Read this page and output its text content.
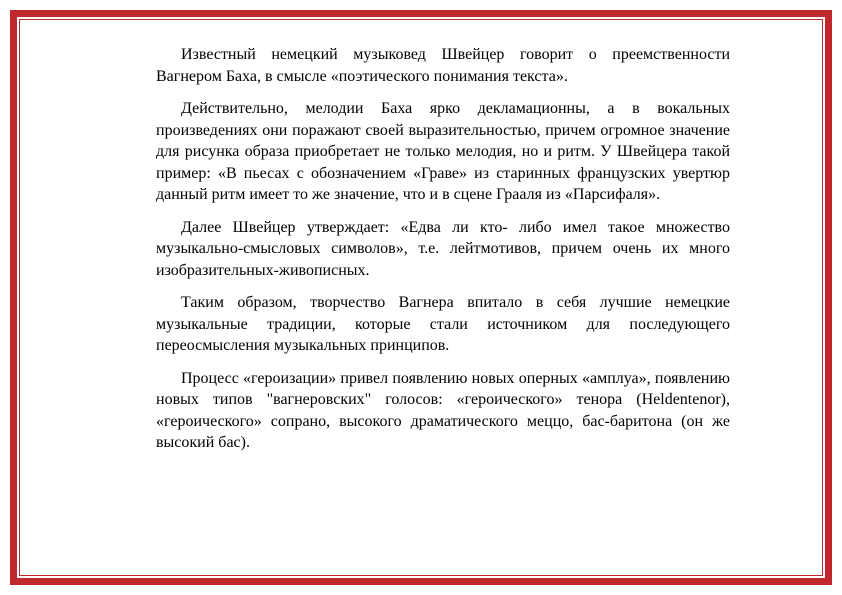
Известный немецкий музыковед Швейцер говорит о преемственности Вагнером Баха, в смысле «поэтического понимания текста».

Действительно, мелодии Баха ярко декламационны, а в вокальных произведениях они поражают своей выразительностью, причем огромное значение для рисунка образа приобретает не только мелодия, но и ритм. У Швейцера такой пример: «В пьесах с обозначением «Граве» из старинных французских увертюр данный ритм имеет то же значение, что и в сцене Грааля из «Парсифаля».

Далее Швейцер утверждает: «Едва ли кто- либо имел такое множество музыкально-смысловых символов», т.е. лейтмотивов, причем очень их много изобразительных-живописных.

Таким образом, творчество Вагнера впитало в себя лучшие немецкие музыкальные традиции, которые стали источником для последующего переосмысления музыкальных принципов.

Процесс «героизации» привел появлению новых оперных «амплуа», появлению новых типов "вагнеровских" голосов: «героического» тенора (Heldentenor), «героического» сопрано, высокого драматического меццо, бас-баритона (он же высокий бас).
